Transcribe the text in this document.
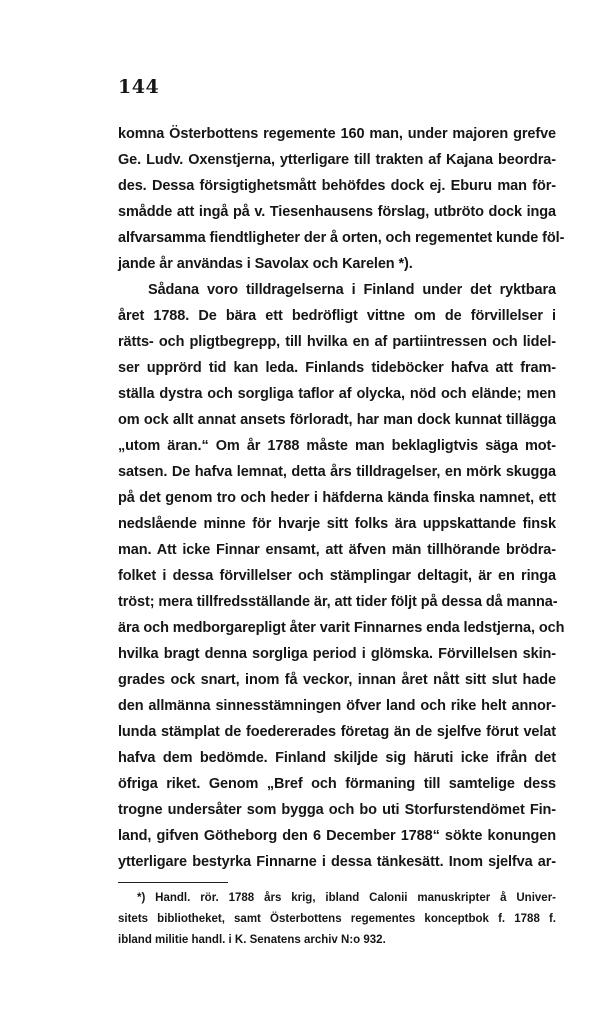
144

komna Österbottens regemente 160 man, under majoren grefve

Ge. Ludv. Oxenstjerna, ytterligare till trakten af Kajana beordra-

des. Dessa försigtighetsmått behöfdes dock ej. Eburu man för-

smådde att ingå på v. Tiesenhausens förslag, utbröto dock inga

alfvarsamma fiendtligheter der å orten, och regementet kunde föl-

jande år användas i Savolax och Karelen *).

Sådana voro tilldragelserna i Finland under det ryktbara

året 1788. De bära ett bedröfligt vittne om de förvillelser i

rätts- och pligtbegrepp, till hvilka en af partiintressen och lidel-

ser upprörd tid kan leda. Finlands tideböcker hafva att fram-

ställa dystra och sorgliga taflor af olycka, nöd och elände; men

om ock allt annat ansets förloradt, har man dock kunnat tillägga

„utom äran.“ Om år 1788 måste man beklagligtvis säga mot-

satsen. De hafva lemnat, detta års tilldragelser, en mörk skugga

på det genom tro och heder i häfderna kända finska namnet, ett

nedslående minne för hvarje sitt folks ära uppskattande finsk

man. Att icke Finnar ensamt, att äfven män tillhörande brödra-

folket i dessa förvillelser och stämplingar deltagit, är en ringa

tröst; mera tillfredsställande är, att tider följt på dessa då manna-

ära och medborgarepligt åter varit Finnarnes enda ledstjerna, och

hvilka bragt denna sorgliga period i glömska. Förvillelsen skin-

grades ock snart, inom få veckor, innan året nått sitt slut hade

den allmänna sinnesstämningen öfver land och rike helt annor-

lunda stämplat de foedererades företag än de sjelfve förut velat

hafva dem bedömde. Finland skiljde sig häruti icke ifrån det

öfriga riket. Genom „Bref och förmaning till samtelige dess

trogne undersåter som bygga och bo uti Storfurstendömet Fin-

land, gifven Götheborg den 6 December 1788“ sökte konungen

ytterligare bestyrka Finnarne i dessa tänkesätt. Inom sjelfva ar-

*) Handl. rör. 1788 års krig, ibland Calonii manuskripter å Univer-

sitets bibliotheket, samt Österbottens regementes konceptbok f. 1788 f.

ibland militie handl. i K. Senatens archiv N:o 932.
